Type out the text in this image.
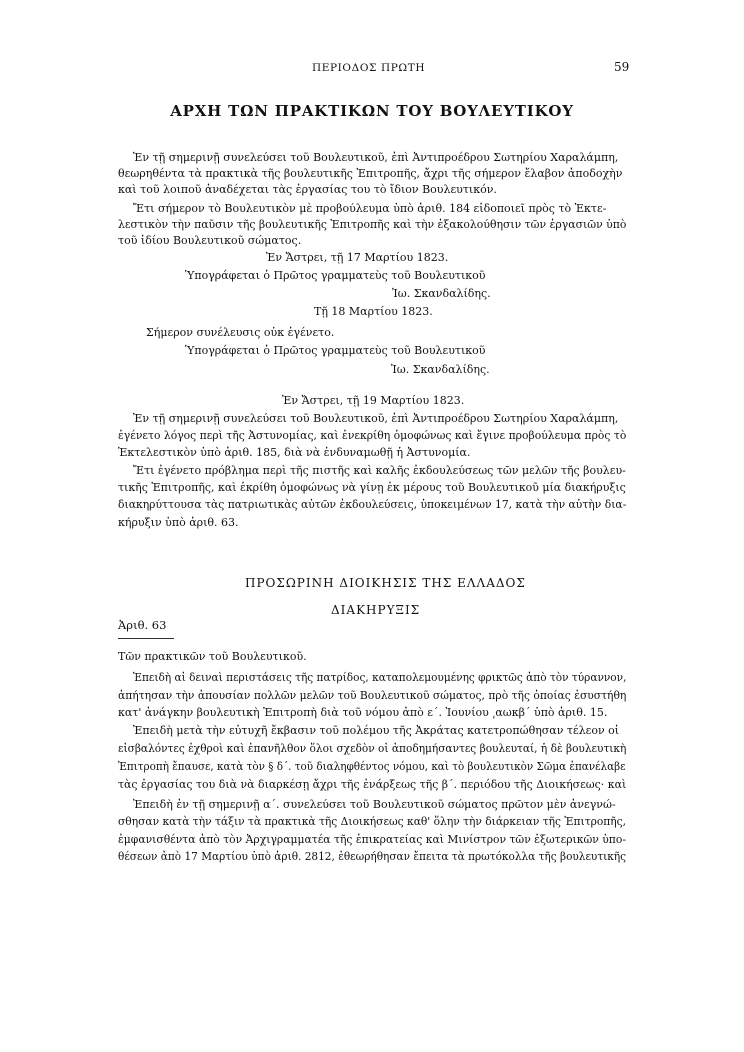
ΠΕΡΙΟΔΟΣ ΠΡΩΤΗ	59
ΑΡΧΗ ΤΩΝ ΠΡΑΚΤΙΚΩΝ ΤΟΥ ΒΟΥΛΕΥΤΙΚΟΥ
Ἐν τῇ σημερινῇ συνελεύσει τοῦ Βουλευτικοῦ, ἐπὶ Ἀντιπροέδρου Σωτηρίου Χαραλάμπη,
θεωρηθέντα τὰ πρακτικὰ τῆς βουλευτικῆς Ἐπιτροπῆς, ἄχρι τῆς σήμερον ἔλαβον ἀποδοχὴν
καὶ τοῦ λοιποῦ ἀναδέχεται τὰς ἐργασίας του τὸ ἴδιον Βουλευτικόν.
Ἔτι σήμερον τὸ Βουλευτικὸν μὲ προβούλευμα ὑπὸ ἀριθ. 184 εἰδοποιεῖ πρὸς τὸ Ἐκτε-
λεστικὸν τὴν παῦσιν τῆς βουλευτικῆς Ἐπιτροπῆς καὶ τὴν ἐξακολούθησιν τῶν ἐργασιῶν ὑπὸ
τοῦ ἰδίου Βουλευτικοῦ σώματος.
Ἐν Ἄστρει, τῇ 17 Μαρτίου 1823.
Ὑπογράφεται ὁ Πρῶτος γραμματεὺς τοῦ Βουλευτικοῦ
Ἰω. Σκανδαλίδης.
Τῇ 18 Μαρτίου 1823.
Σήμερον συνέλευσις οὐκ ἐγένετο.
Ὑπογράφεται ὁ Πρῶτος γραμματεὺς τοῦ Βουλευτικοῦ
Ἰω. Σκανδαλίδης.
Ἐν Ἄστρει, τῇ 19 Μαρτίου 1823.
Ἐν τῇ σημερινῇ συνελεύσει τοῦ Βουλευτικοῦ, ἐπὶ Ἀντιπροέδρου Σωτηρίου Χαραλάμπη,
ἐγένετο λόγος περὶ τῆς Ἀστυνομίας, καὶ ἐνεκρίθη ὁμοφώνως καὶ ἔγινε προβούλευμα πρὸς τὸ
Ἐκτελεστικὸν ὑπὸ ἀριθ. 185, διὰ νὰ ἐνδυναμωθῇ ἡ Ἀστυνομία.
Ἔτι ἐγένετο πρόβλημα περὶ τῆς πιστῆς καὶ καλῆς ἐκδουλεύσεως τῶν μελῶν τῆς βουλευ-
τικῆς Ἐπιτροπῆς, καὶ ἐκρίθη ὁμοφώνως νὰ γίνῃ ἐκ μέρους τοῦ Βουλευτικοῦ μία διακήρυξις
διακηρύττουσα τὰς πατριωτικὰς αὐτῶν ἐκδουλεύσεις, ὑποκειμένων 17, κατὰ τὴν αὐτὴν δια-
κήρυξιν ὑπὸ ἀριθ. 63.
ΠΡΟΣΩΡΙΝΗ ΔΙΟΙΚΗΣΙΣ ΤΗΣ ΕΛΛΑΔΟΣ
ΔΙΑΚΗΡΥΞΙΣ
Ἀριθ. 63
Τῶν πρακτικῶν τοῦ Βουλευτικοῦ.
Ἐπειδὴ αἱ δειναὶ περιστάσεις τῆς πατρίδος, καταπολεμουμένης φρικτῶς ἀπὸ τὸν τύραννον,
ἀπήτησαν τὴν ἀπουσίαν πολλῶν μελῶν τοῦ Βουλευτικοῦ σώματος, πρὸ τῆς ὁποίας ἐσυστήθη
κατ' ἀνάγκην βουλευτικὴ Ἐπιτροπὴ διὰ τοῦ νόμου ἀπὸ ε΄. Ἰουνίου ͵αωκβ΄ ὑπὸ ἀριθ. 15.
Ἐπειδὴ μετὰ τὴν εὐτυχῆ ἔκβασιν τοῦ πολέμου τῆς Ἀκράτας κατετροπώθησαν τέλεον οἱ
εἰσβαλόντες ἐχθροὶ καὶ ἐπανῆλθον ὅλοι σχεδὸν οἱ ἀποδημήσαντες βουλευταί, ἡ δὲ βουλευτικὴ
Ἐπιτροπὴ ἔπαυσε, κατὰ τὸν § δ΄. τοῦ διαληφθέντος νόμου, καὶ τὸ βουλευτικὸν Σῶμα ἐπανέλαβε
τὰς ἐργασίας του διὰ νὰ διαρκέσῃ ἄχρι τῆς ἐνάρξεως τῆς β΄. περιόδου τῆς Διοικήσεως· καὶ
Ἐπειδὴ ἐν τῇ σημερινῇ α΄. συνελεύσει τοῦ Βουλευτικοῦ σώματος πρῶτον μὲν ἀνεγνώ-
σθησαν κατὰ τὴν τάξιν τὰ πρακτικὰ τῆς Διοικήσεως καθ' ὅλην τὴν διάρκειαν τῆς Ἐπιτροπῆς,
ἐμφανισθέντα ἀπὸ τὸν Ἀρχιγραμματέα τῆς ἐπικρατείας καὶ Μινίστρον τῶν ἐξωτερικῶν ὑπο-
θέσεων ἀπὸ 17 Μαρτίου ὑπὸ ἀριθ. 2812, ἐθεωρήθησαν ἔπειτα τὰ πρωτόκολλα τῆς βουλευτικῆς
